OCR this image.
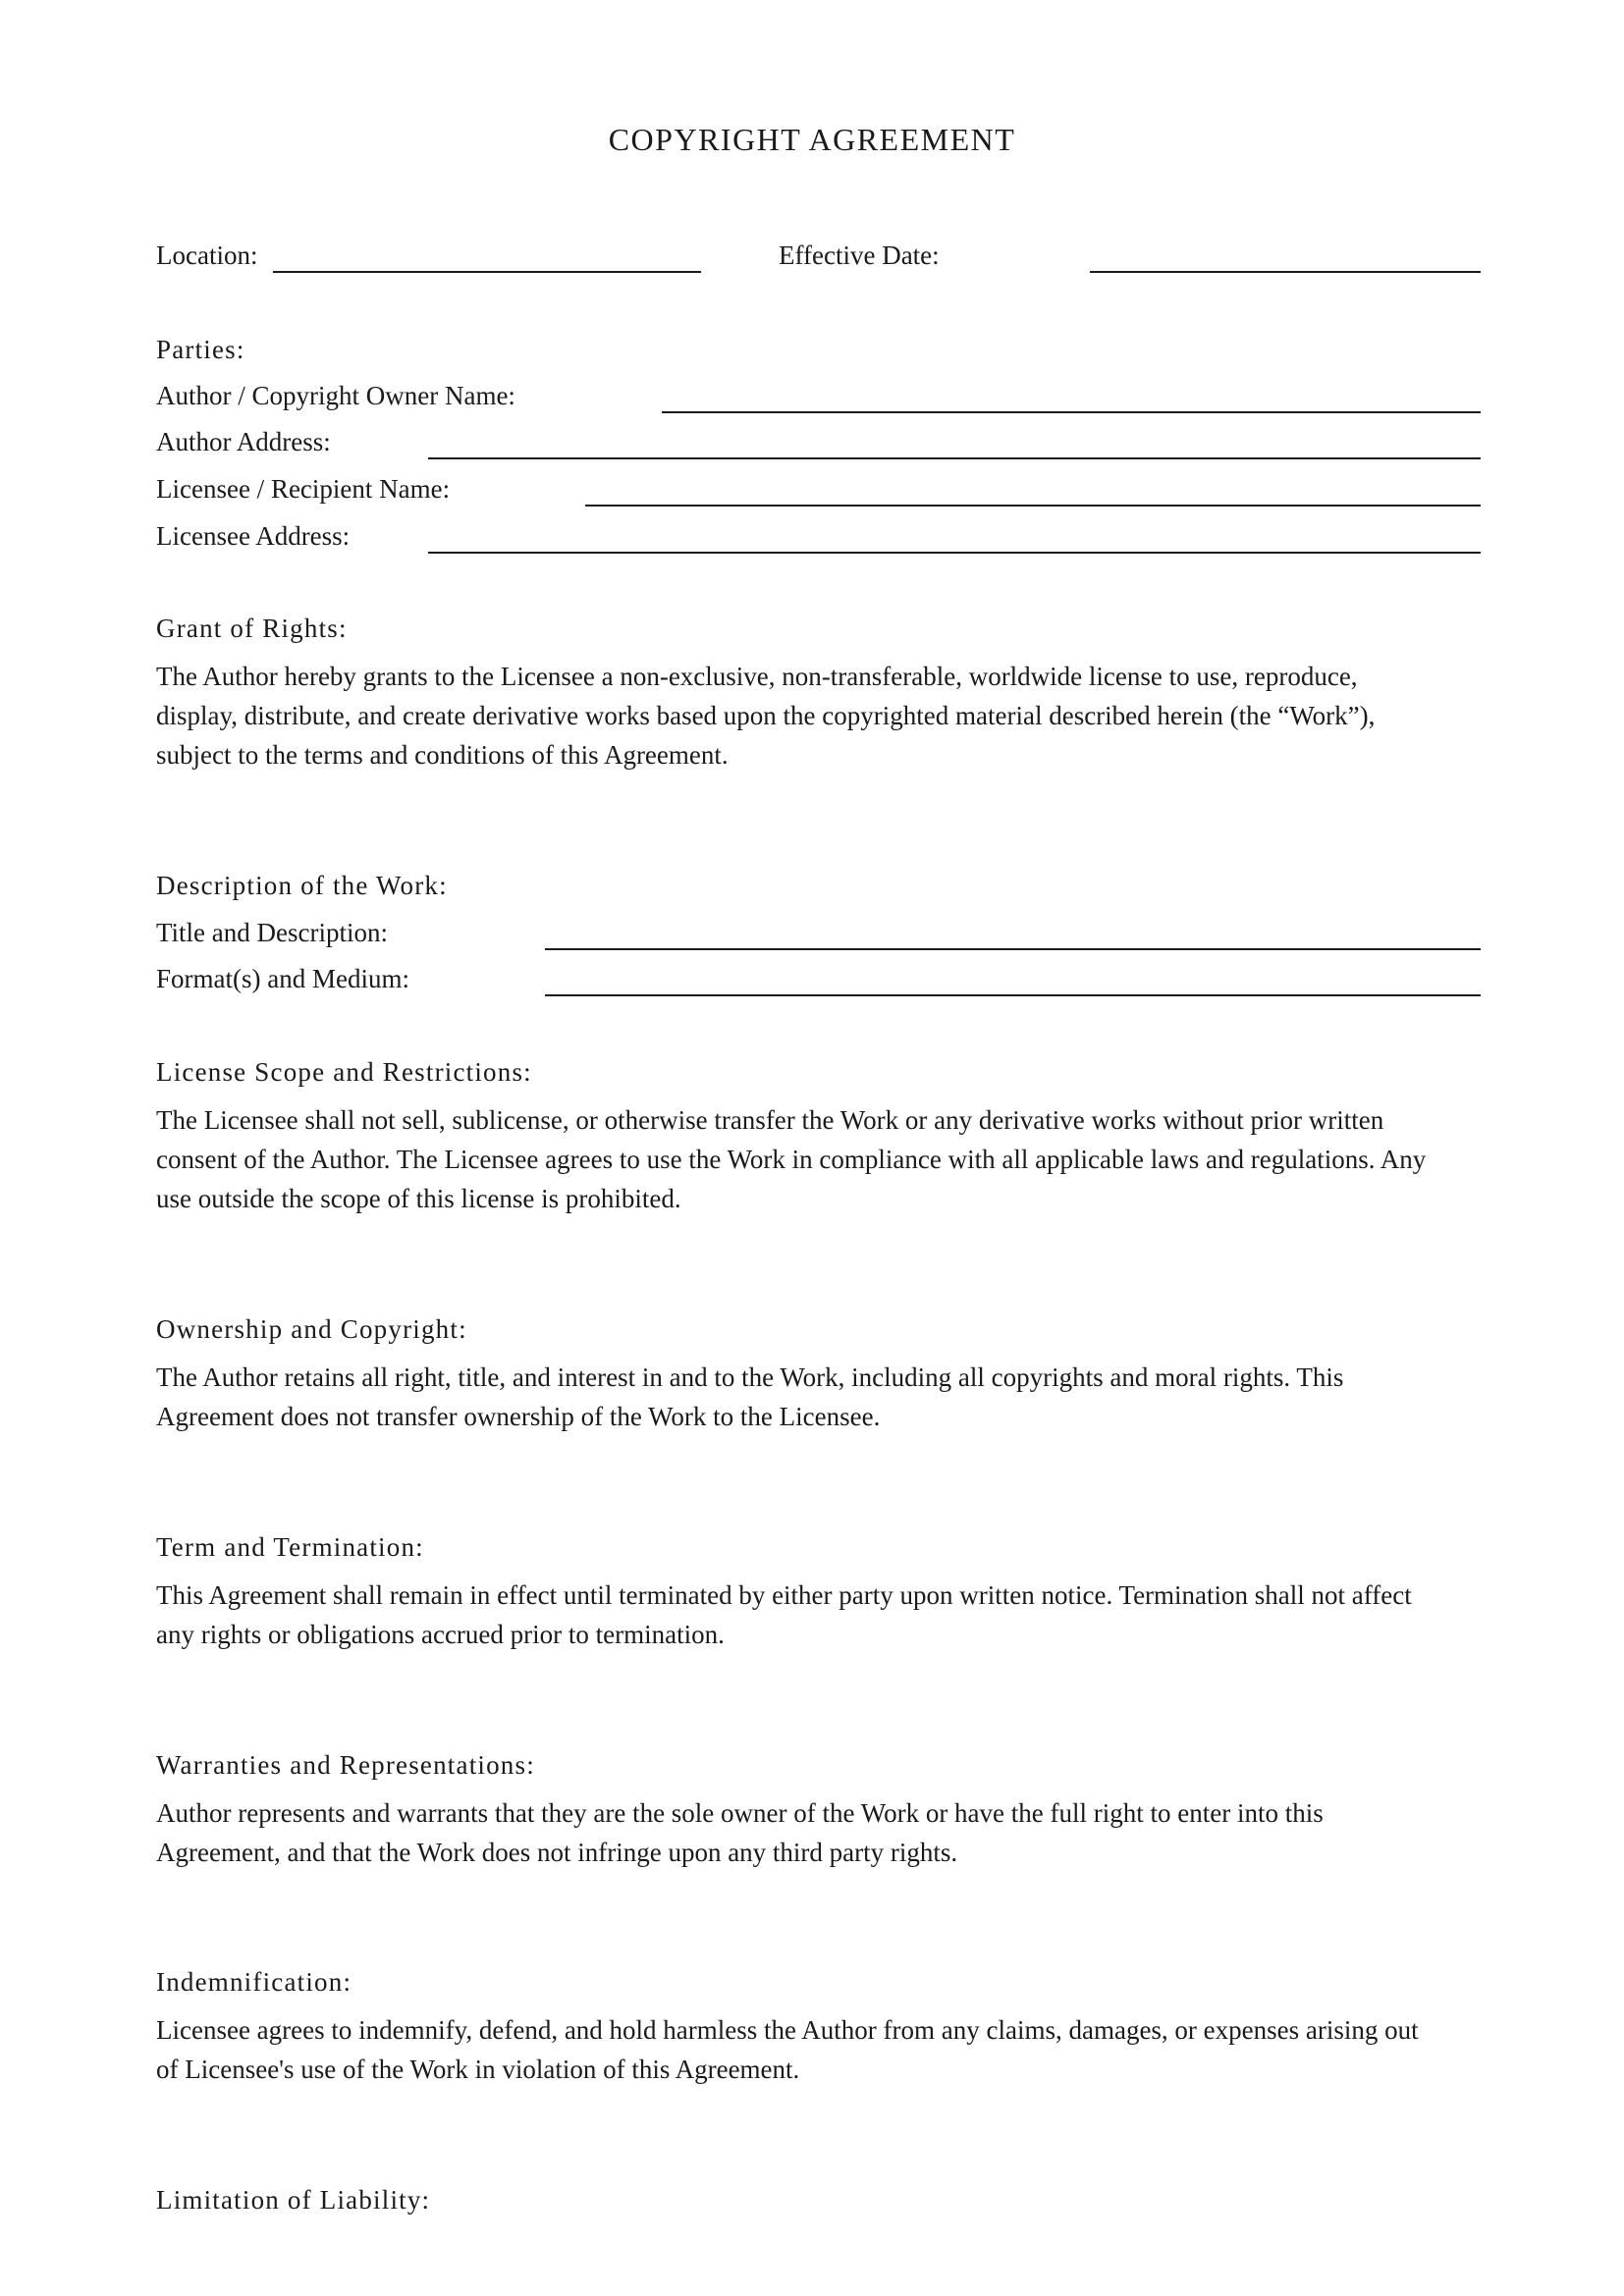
COPYRIGHT AGREEMENT
Location:	Effective Date:
Parties:
Author / Copyright Owner Name:
Author Address:
Licensee / Recipient Name:
Licensee Address:
Grant of Rights:
The Author hereby grants to the Licensee a non-exclusive, non-transferable, worldwide license to use, reproduce,
display, distribute, and create derivative works based upon the copyrighted material described herein (the “Work”),
subject to the terms and conditions of this Agreement.
Description of the Work:
Title and Description:
Format(s) and Medium:
License Scope and Restrictions:
The Licensee shall not sell, sublicense, or otherwise transfer the Work or any derivative works without prior written
consent of the Author. The Licensee agrees to use the Work in compliance with all applicable laws and regulations. Any
use outside the scope of this license is prohibited.
Ownership and Copyright:
The Author retains all right, title, and interest in and to the Work, including all copyrights and moral rights. This
Agreement does not transfer ownership of the Work to the Licensee.
Term and Termination:
This Agreement shall remain in effect until terminated by either party upon written notice. Termination shall not affect
any rights or obligations accrued prior to termination.
Warranties and Representations:
Author represents and warrants that they are the sole owner of the Work or have the full right to enter into this
Agreement, and that the Work does not infringe upon any third party rights.
Indemnification:
Licensee agrees to indemnify, defend, and hold harmless the Author from any claims, damages, or expenses arising out
of Licensee's use of the Work in violation of this Agreement.
Limitation of Liability:
